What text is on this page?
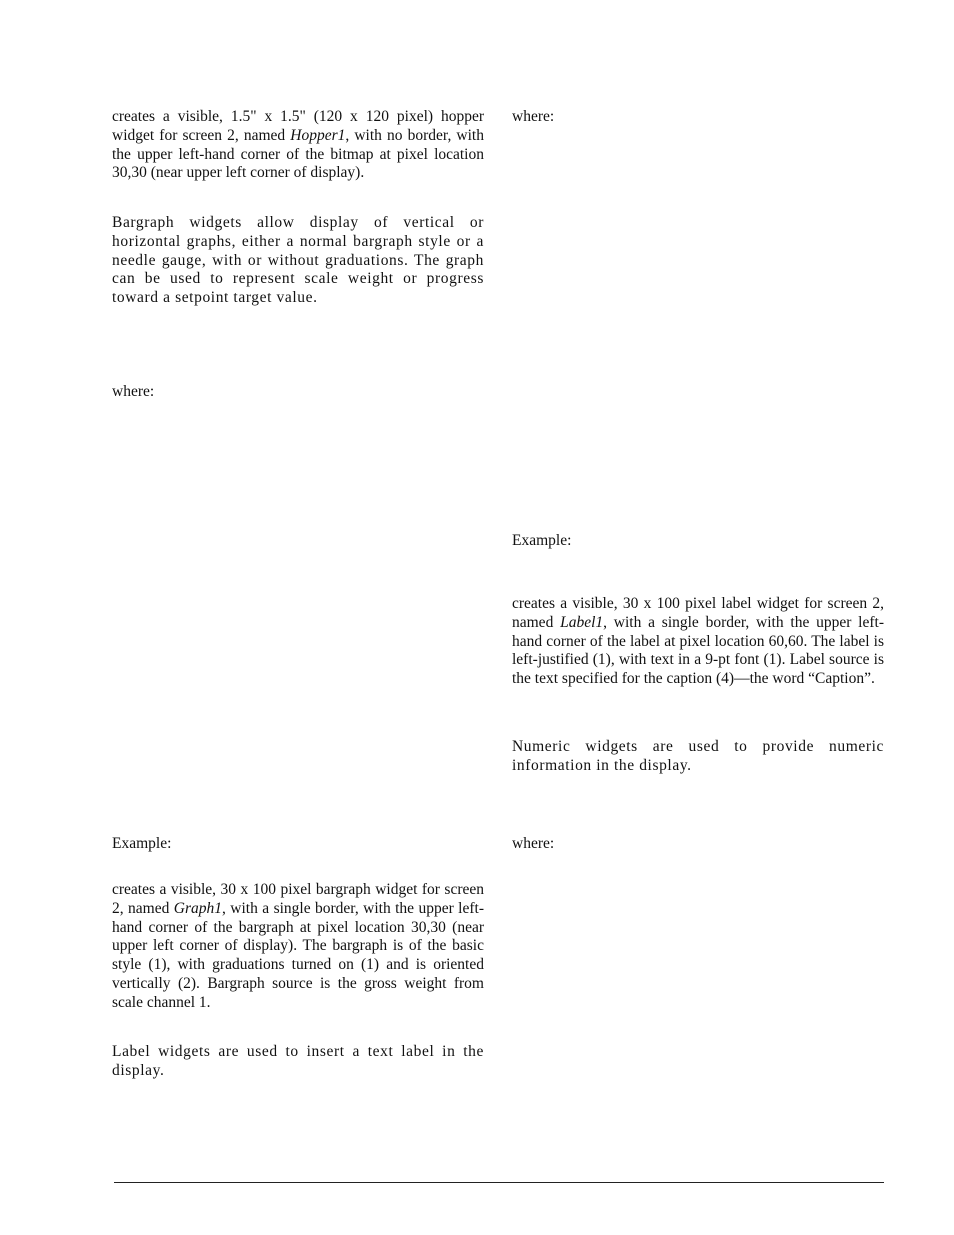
creates a visible, 1.5" x 1.5" (120 x 120 pixel) hopper widget for screen 2, named Hopper1, with no border, with the upper left-hand corner of the bitmap at pixel location 30,30 (near upper left corner of display).

Bargraph widgets allow display of vertical or horizontal graphs, either a normal bargraph style or a needle gauge, with or without graduations. The graph can be used to represent scale weight or progress toward a setpoint target value.

where:

Example:

creates a visible, 30 x 100 pixel bargraph widget for screen 2, named Graph1, with a single border, with the upper left-hand corner of the bargraph at pixel location 30,30 (near upper left corner of display). The bargraph is of the basic style (1), with graduations turned on (1) and is oriented vertically (2). Bargraph source is the gross weight from scale channel 1.

Label widgets are used to insert a text label in the display.

where:

Example:

creates a visible, 30 x 100 pixel label widget for screen 2, named Label1, with a single border, with the upper left-hand corner of the label at pixel location 60,60. The label is left-justified (1), with text in a 9-pt font (1). Label source is the text specified for the caption (4)—the word “Caption”.

Numeric widgets are used to provide numeric information in the display.

where:
